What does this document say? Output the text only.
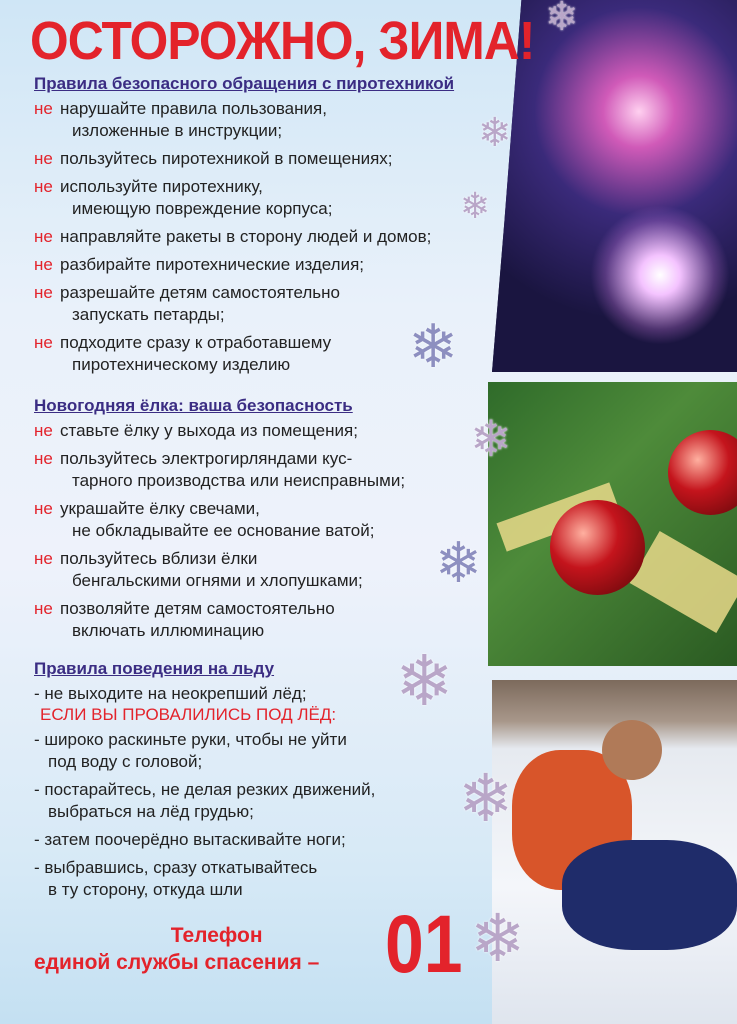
❄
❄
❄
❄
❄
❄
❄
❄
❄
ОСТОРОЖНО, ЗИМА!
Правила безопасного обращения с пиротехникой
не нарушайте правила пользования,
изложенные в инструкции;
не пользуйтесь пиротехникой в помещениях;
не используйте пиротехнику,
имеющую повреждение корпуса;
не направляйте ракеты в сторону людей и домов;
не разбирайте пиротехнические изделия;
не разрешайте детям самостоятельно
запускать петарды;
не подходите сразу к отработавшему
пиротехническому изделию
Новогодняя ёлка: ваша безопасность
не ставьте ёлку у выхода из помещения;
не пользуйтесь электрогирляндами кус-
тарного производства или неисправными;
не украшайте ёлку свечами,
не обкладывайте ее основание ватой;
не пользуйтесь вблизи ёлки
бенгальскими огнями и хлопушками;
не позволяйте детям самостоятельно
включать иллюминацию
Правила поведения на льду
- не выходите на неокрепший лёд;
ЕСЛИ ВЫ ПРОВАЛИЛИСЬ ПОД ЛЁД:
- широко раскиньте руки, чтобы не уйти
под воду с головой;
- постарайтесь, не делая резких движений,
выбраться на лёд грудью;
- затем поочерёдно вытаскивайте ноги;
- выбравшись, сразу откатывайтесь
в ту сторону, откуда шли
Телефон
единой службы спасения – 01
